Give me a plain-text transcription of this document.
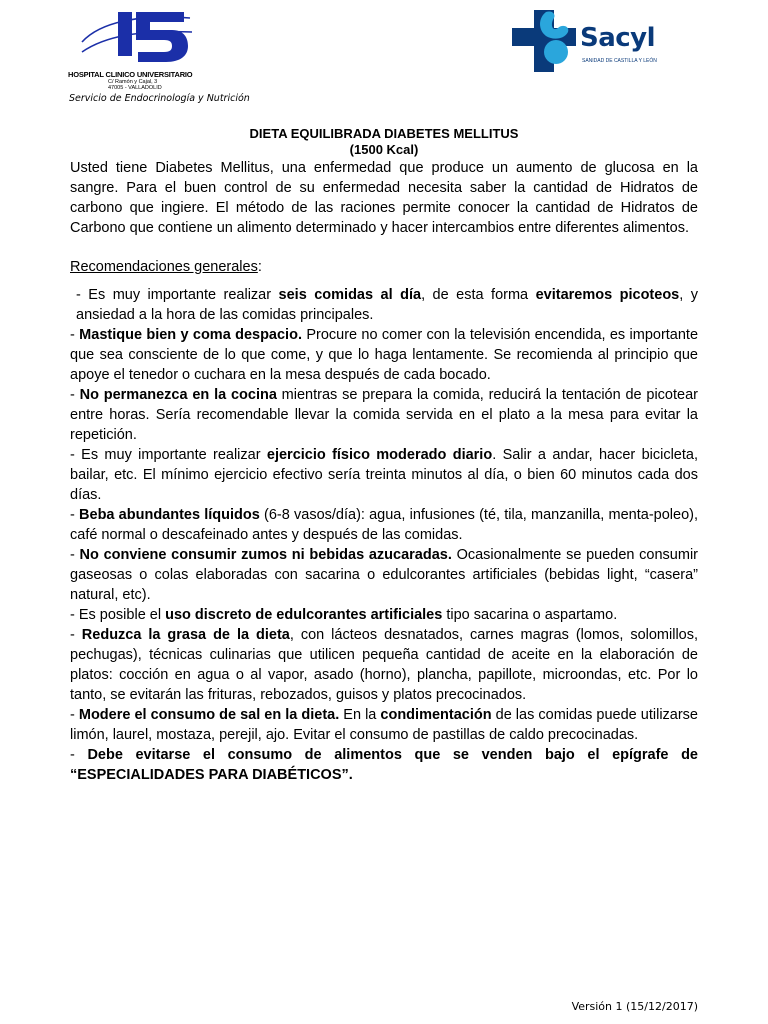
HOSPITAL CLINICO UNIVERSITARIO
C/ Ramón y Cajal, 3
47005 - VALLADOLID
Servicio de Endocrinología y Nutrición
Sacyl
SANIDAD DE CASTILLA Y LEÓN
DIETA EQUILIBRADA DIABETES MELLITUS
(1500 Kcal)

Usted tiene Diabetes Mellitus, una enfermedad que produce un aumento de glucosa en la sangre. Para el buen control de su enfermedad necesita saber la cantidad de Hidratos de carbono que ingiere. El método de las raciones permite conocer la cantidad de Hidratos de Carbono que contiene un alimento determinado y hacer intercambios entre diferentes alimentos.

Recomendaciones generales:

- Es muy importante realizar seis comidas al día, de esta forma evitaremos picoteos, y ansiedad a la hora de las comidas principales.

- Mastique bien y coma despacio. Procure no comer con la televisión encendida, es importante que sea consciente de lo que come, y que lo haga lentamente. Se recomienda al principio que apoye el tenedor o cuchara en la mesa después de cada bocado.

- No permanezca en la cocina mientras se prepara la comida, reducirá la tentación de picotear entre horas. Sería recomendable llevar la comida servida en el plato a la mesa para evitar la repetición.

- Es muy importante realizar ejercicio físico moderado diario. Salir a andar, hacer bicicleta, bailar, etc. El mínimo ejercicio efectivo sería treinta minutos al día, o bien 60 minutos cada dos días.

- Beba abundantes líquidos (6-8 vasos/día): agua, infusiones (té, tila, manzanilla, menta-poleo), café normal o descafeinado antes y después de las comidas.

- No conviene consumir zumos ni bebidas azucaradas. Ocasionalmente se pueden consumir gaseosas o colas elaboradas con sacarina o edulcorantes artificiales (bebidas light, “casera” natural, etc).

- Es posible el uso discreto de edulcorantes artificiales tipo sacarina o aspartamo.

- Reduzca la grasa de la dieta, con lácteos desnatados, carnes magras (lomos, solomillos, pechugas), técnicas culinarias que utilicen pequeña cantidad de aceite en la elaboración de platos: cocción en agua o al vapor, asado (horno), plancha, papillote, microondas, etc. Por lo tanto, se evitarán las frituras, rebozados, guisos y platos precocinados.

- Modere el consumo de sal en la dieta. En la condimentación de las comidas puede utilizarse limón, laurel, mostaza, perejil, ajo. Evitar el consumo de pastillas de caldo precocinadas.

- Debe evitarse el consumo de alimentos que se venden bajo el epígrafe de “ESPECIALIDADES PARA DIABÉTICOS”.

Versión 1 (15/12/2017)
